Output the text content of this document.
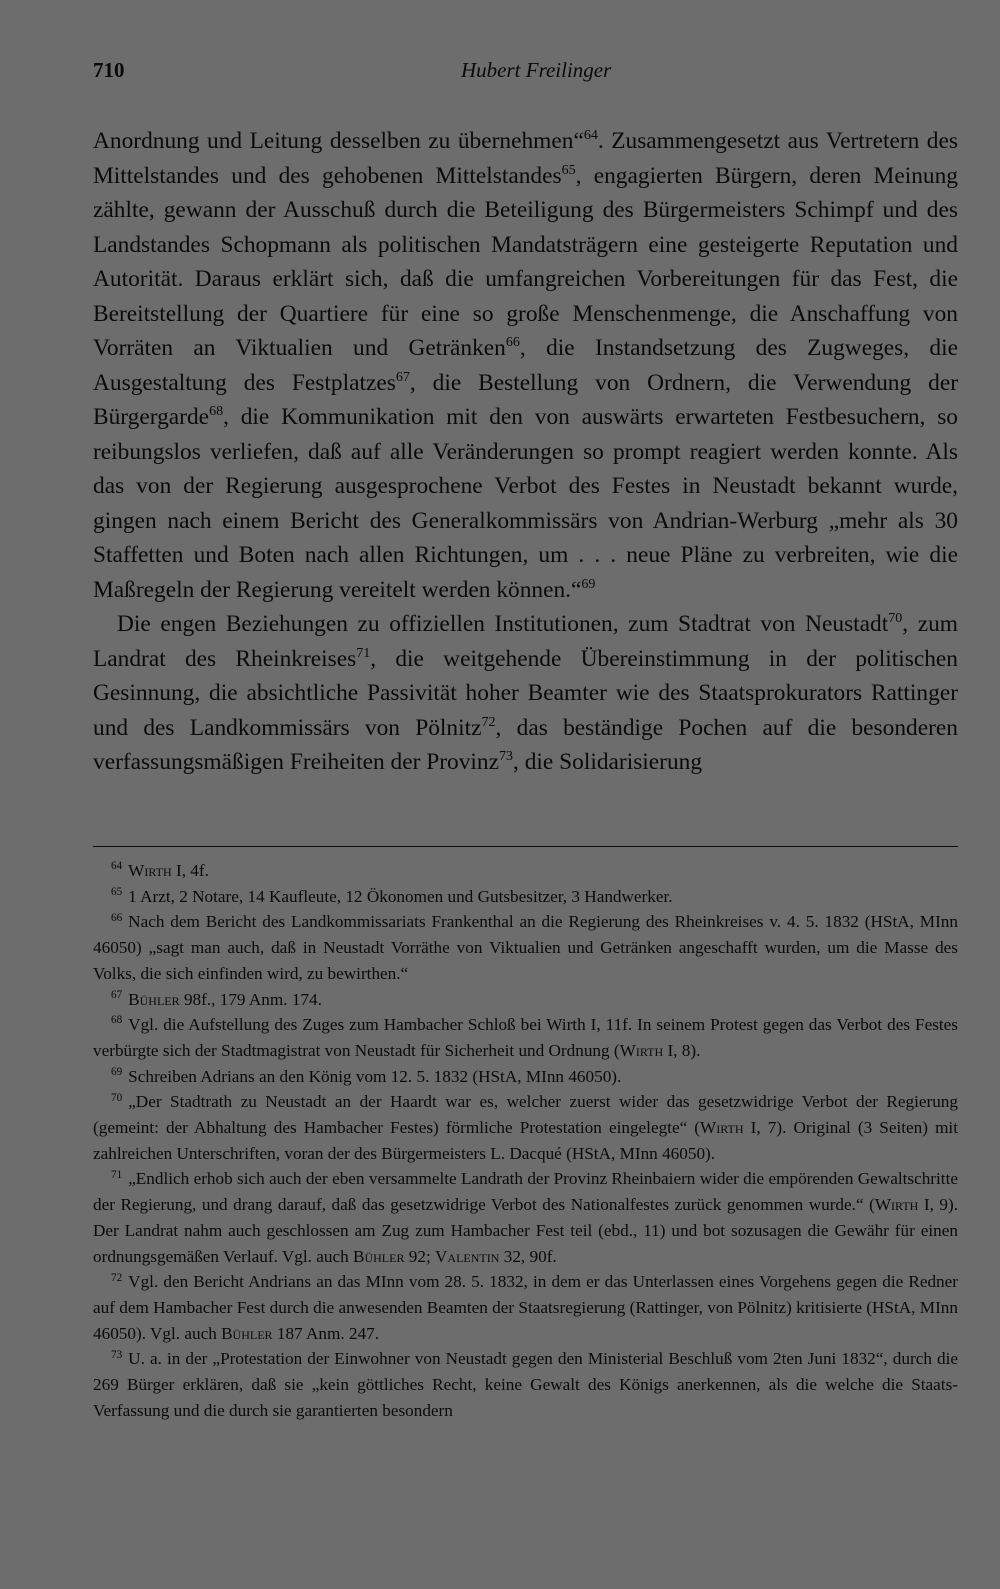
710	Hubert Freilinger

Anordnung und Leitung desselben zu übernehmen“$^{64}$. Zusammengesetzt aus Vertretern des Mittelstandes und des gehobenen Mittelstandes$^{65}$, engagierten Bürgern, deren Meinung zählte, gewann der Ausschuß durch die Beteiligung des Bürgermeisters Schimpf und des Landstandes Schopmann als politischen Mandatsträgern eine gesteigerte Reputation und Autorität. Daraus erklärt sich, daß die umfangreichen Vorbereitungen für das Fest, die Bereitstellung der Quartiere für eine so große Menschenmenge, die Anschaffung von Vorräten an Viktualien und Getränken$^{66}$, die Instandsetzung des Zugweges, die Ausgestaltung des Festplatzes$^{67}$, die Bestellung von Ordnern, die Verwendung der Bürgergarde$^{68}$, die Kommunikation mit den von auswärts erwarteten Festbesuchern, so reibungslos verliefen, daß auf alle Veränderungen so prompt reagiert werden konnte. Als das von der Regierung ausgesprochene Verbot des Festes in Neustadt bekannt wurde, gingen nach einem Bericht des Generalkommissärs von Andrian-Werburg „mehr als 30 Staffetten und Boten nach allen Richtungen, um . . . neue Pläne zu verbreiten, wie die Maßregeln der Regierung vereitelt werden können.“$^{69}$

Die engen Beziehungen zu offiziellen Institutionen, zum Stadtrat von Neustadt$^{70}$, zum Landrat des Rheinkreises$^{71}$, die weitgehende Übereinstimmung in der politischen Gesinnung, die absichtliche Passivität hoher Beamter wie des Staatsprokurators Rattinger und des Landkommissärs von Pölnitz$^{72}$, das beständige Pochen auf die besonderen verfassungsmäßigen Freiheiten der Provinz$^{73}$, die Solidarisierung

$^{64}$ Wirth I, 4f.

$^{65}$ 1 Arzt, 2 Notare, 14 Kaufleute, 12 Ökonomen und Gutsbesitzer, 3 Handwerker.

$^{66}$ Nach dem Bericht des Landkommissariats Frankenthal an die Regierung des Rheinkreises v. 4. 5. 1832 (HStA, MInn 46050) „sagt man auch, daß in Neustadt Vorräthe von Viktualien und Getränken angeschafft wurden, um die Masse des Volks, die sich einfinden wird, zu bewirthen.“

$^{67}$ Bühler 98f., 179 Anm. 174.

$^{68}$ Vgl. die Aufstellung des Zuges zum Hambacher Schloß bei Wirth I, 11f. In seinem Protest gegen das Verbot des Festes verbürgte sich der Stadtmagistrat von Neustadt für Sicherheit und Ordnung (Wirth I, 8).

$^{69}$ Schreiben Adrians an den König vom 12. 5. 1832 (HStA, MInn 46050).

$^{70}$ „Der Stadtrath zu Neustadt an der Haardt war es, welcher zuerst wider das gesetzwidrige Verbot der Regierung (gemeint: der Abhaltung des Hambacher Festes) förmliche Protestation eingelegte“ (Wirth I, 7). Original (3 Seiten) mit zahlreichen Unterschriften, voran der des Bürgermeisters L. Dacqué (HStA, MInn 46050).

$^{71}$ „Endlich erhob sich auch der eben versammelte Landrath der Provinz Rheinbaiern wider die empörenden Gewaltschritte der Regierung, und drang darauf, daß das gesetzwidrige Verbot des Nationalfestes zurück genommen wurde.“ (Wirth I, 9). Der Landrat nahm auch geschlossen am Zug zum Hambacher Fest teil (ebd., 11) und bot sozusagen die Gewähr für einen ordnungsgemäßen Verlauf. Vgl. auch Bühler 92; Valentin 32, 90f.

$^{72}$ Vgl. den Bericht Andrians an das MInn vom 28. 5. 1832, in dem er das Unterlassen eines Vorgehens gegen die Redner auf dem Hambacher Fest durch die anwesenden Beamten der Staatsregierung (Rattinger, von Pölnitz) kritisierte (HStA, MInn 46050). Vgl. auch Bühler 187 Anm. 247.

$^{73}$ U. a. in der „Protestation der Einwohner von Neustadt gegen den Ministerial Beschluß vom 2ten Juni 1832“, durch die 269 Bürger erklären, daß sie „kein göttliches Recht, keine Gewalt des Königs anerkennen, als die welche die Staats-Verfassung und die durch sie garantierten besondern
